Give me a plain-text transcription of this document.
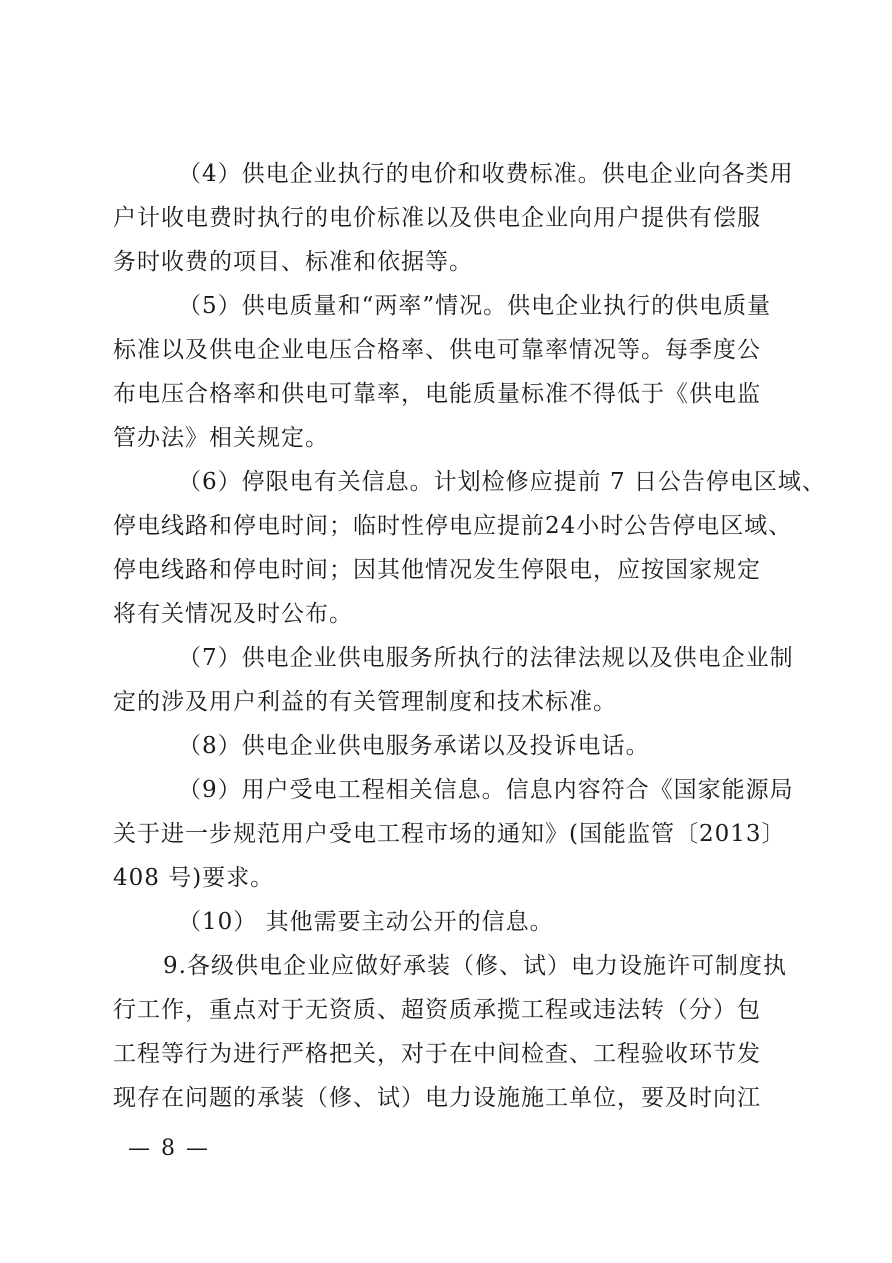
（4）供电企业执行的电价和收费标准。供电企业向各类用
户计收电费时执行的电价标准以及供电企业向用户提供有偿服
务时收费的项目、标准和依据等。
（5）供电质量和“两率”情况。供电企业执行的供电质量
标准以及供电企业电压合格率、供电可靠率情况等。每季度公
布电压合格率和供电可靠率，电能质量标准不得低于《供电监
管办法》相关规定。
（6）停限电有关信息。计划检修应提前 7 日公告停电区域、
停电线路和停电时间；临时性停电应提前24小时公告停电区域、
停电线路和停电时间；因其他情况发生停限电，应按国家规定
将有关情况及时公布。
（7）供电企业供电服务所执行的法律法规以及供电企业制
定的涉及用户利益的有关管理制度和技术标准。
（8）供电企业供电服务承诺以及投诉电话。
（9）用户受电工程相关信息。信息内容符合《国家能源局
关于进一步规范用户受电工程市场的通知》(国能监管〔2013〕
408 号)要求。
（10） 其他需要主动公开的信息。
9.各级供电企业应做好承装（修、试）电力设施许可制度执
行工作，重点对于无资质、超资质承揽工程或违法转（分）包
工程等行为进行严格把关，对于在中间检查、工程验收环节发
现存在问题的承装（修、试）电力设施施工单位，要及时向江
— 8 —
